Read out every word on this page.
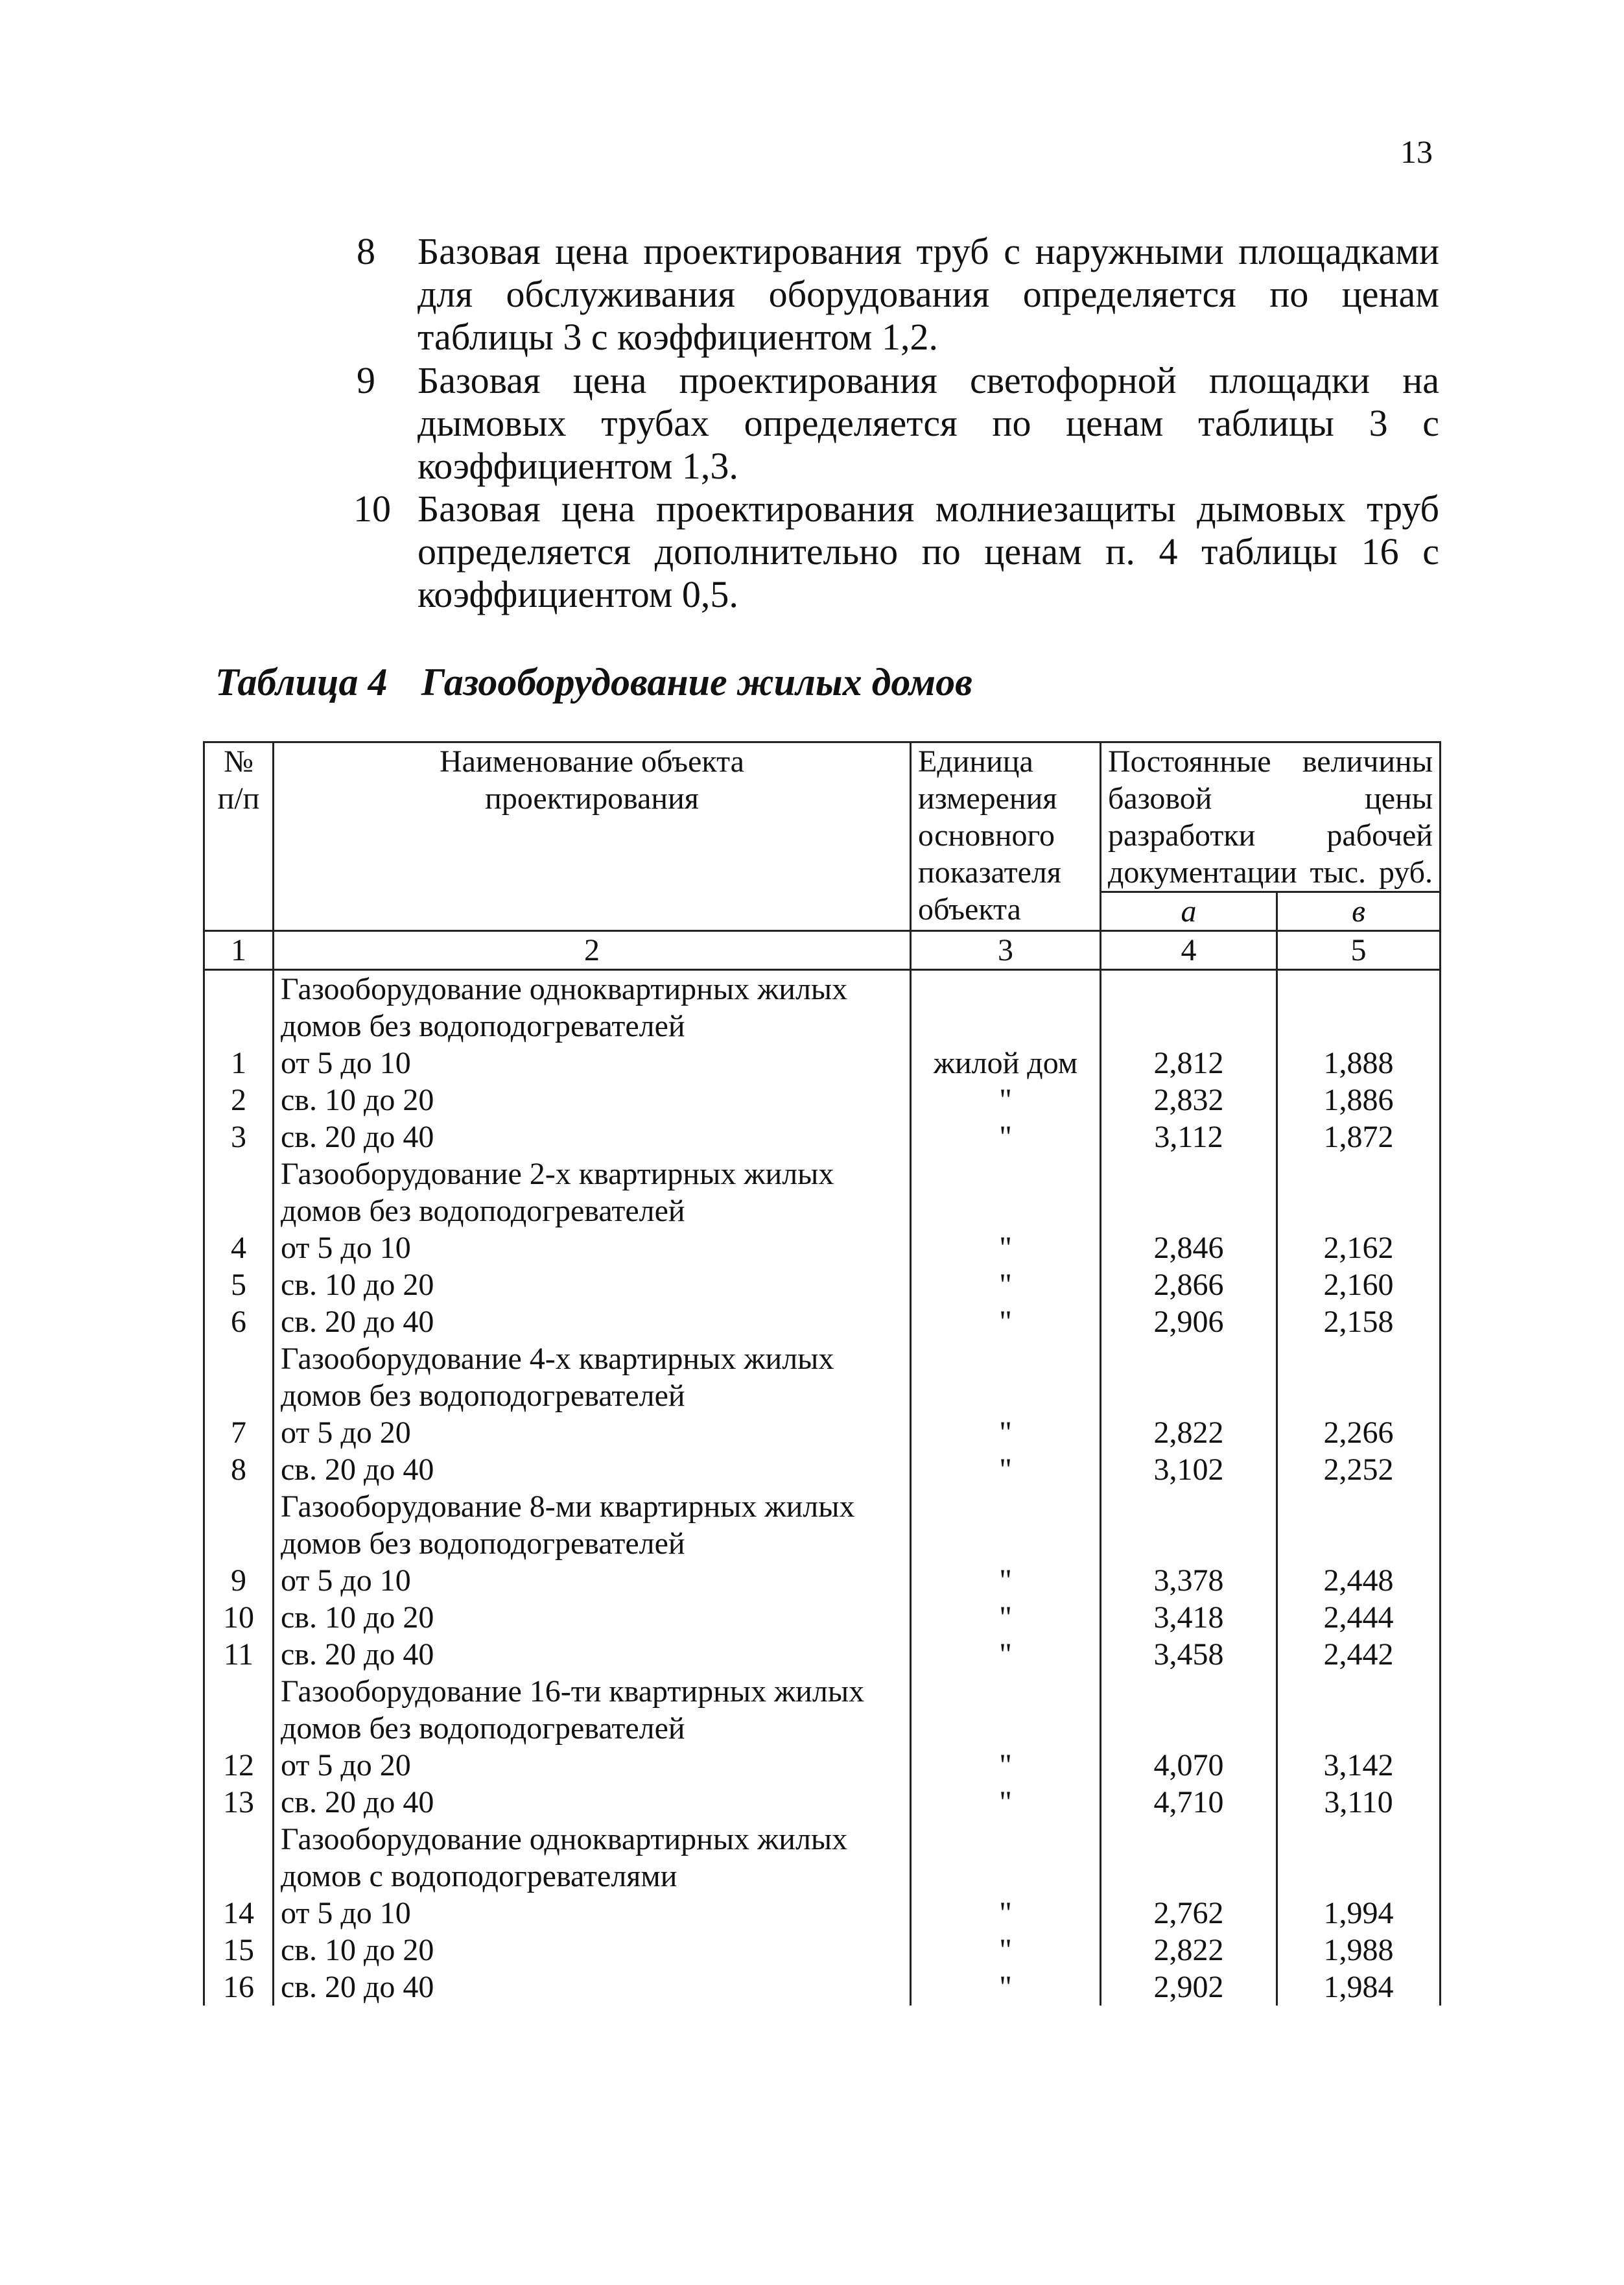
13
8	Базовая цена проектирования труб с наружными площадками для обслуживания оборудования определяется по ценам таблицы 3 с коэффициентом 1,2.
9	Базовая цена проектирования светофорной площадки на дымовых трубах определяется по ценам таблицы 3 с коэффициентом 1,3.
10 Базовая цена проектирования молниезащиты дымовых труб определяется дополнительно по ценам п. 4 таблицы 16 с коэффициентом 0,5.
Таблица 4 Газооборудование жилых домов
№ п/п	Наименование объекта проектирования	Единица измерения основного показателя объекта	Постоянные величины базовой цены разработки рабочей документации тыс. руб.	
			а	в
1	2	3	4	5
	Газооборудование одноквартирных жилых домов без водоподогревателей			
1	от 5 до 10	жилой дом	2,812	1,888
2	св. 10 до 20	"	2,832	1,886
3	св. 20 до 40	"	3,112	1,872
	Газооборудование 2-х квартирных жилых домов без водоподогревателей			
4	от 5 до 10	"	2,846	2,162
5	св. 10 до 20	"	2,866	2,160
6	св. 20 до 40	"	2,906	2,158
	Газооборудование 4-х квартирных жилых домов без водоподогревателей			
7	от 5 до 20	"	2,822	2,266
8	св. 20 до 40	"	3,102	2,252
	Газооборудование 8-ми квартирных жилых домов без водоподогревателей			
9	от 5 до 10	"	3,378	2,448
10	св. 10 до 20	"	3,418	2,444
11	св. 20 до 40	"	3,458	2,442
	Газооборудование 16-ти квартирных жилых домов без водоподогревателей			
12	от 5 до 20	"	4,070	3,142
13	св. 20 до 40	"	4,710	3,110
	Газооборудование одноквартирных жилых домов с водоподогревателями			
14	от 5 до 10	"	2,762	1,994
15	св. 10 до 20	"	2,822	1,988
16	св. 20 до 40	"	2,902	1,984
